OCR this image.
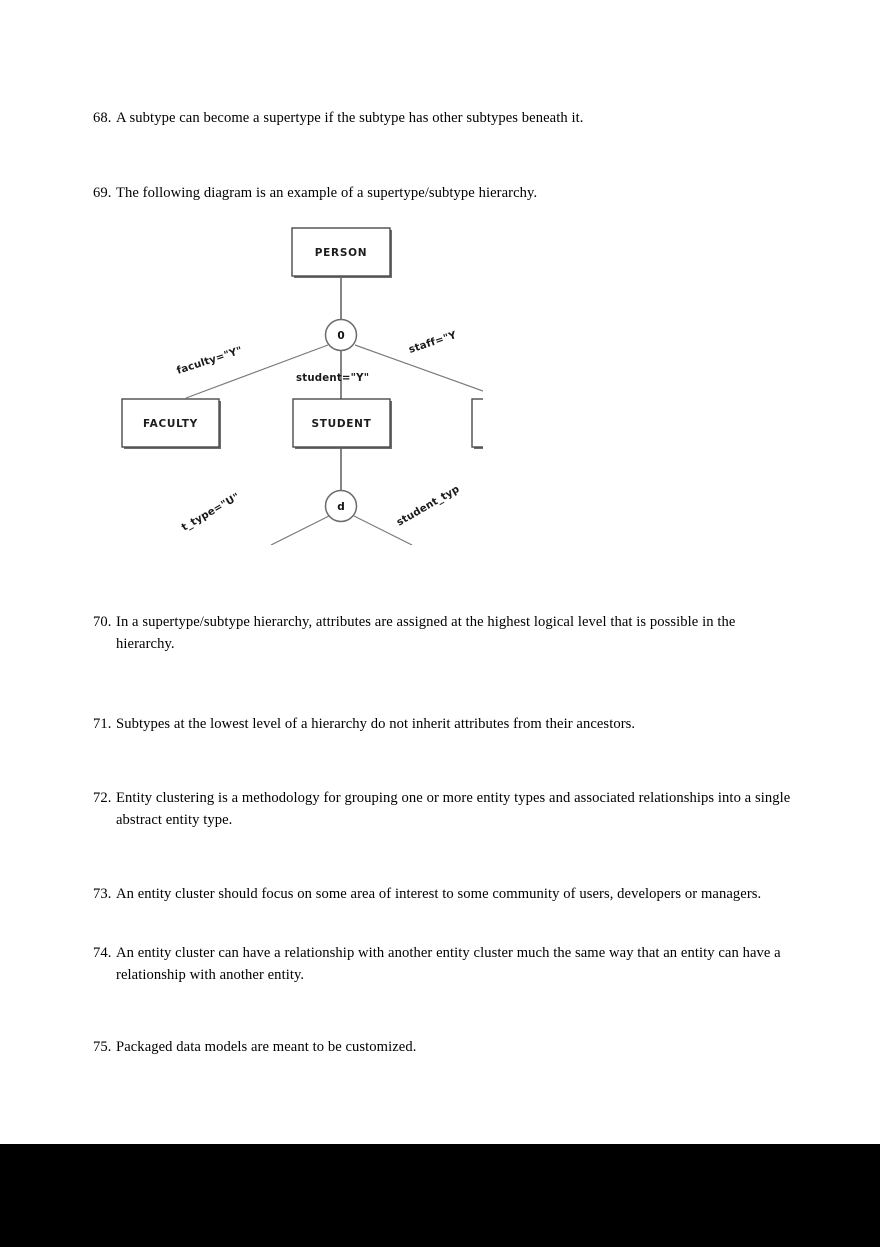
68. A subtype can become a supertype if the subtype has other subtypes beneath it.
69. The following diagram is an example of a supertype/subtype hierarchy.
70. In a supertype/subtype hierarchy, attributes are assigned at the highest logical level that is possible in the hierarchy.
71. Subtypes at the lowest level of a hierarchy do not inherit attributes from their ancestors.
72. Entity clustering is a methodology for grouping one or more entity types and associated relationships into a single abstract entity type.
73. An entity cluster should focus on some area of interest to some community of users, developers or managers.
74. An entity cluster can have a relationship with another entity cluster much the same way that an entity can have a relationship with another entity.
75. Packaged data models are meant to be customized.
PERSON
0
FACULTY	STUDENT
d
faculty="Y"
student="Y"
staff="Y
t_type="U"	student_typ
